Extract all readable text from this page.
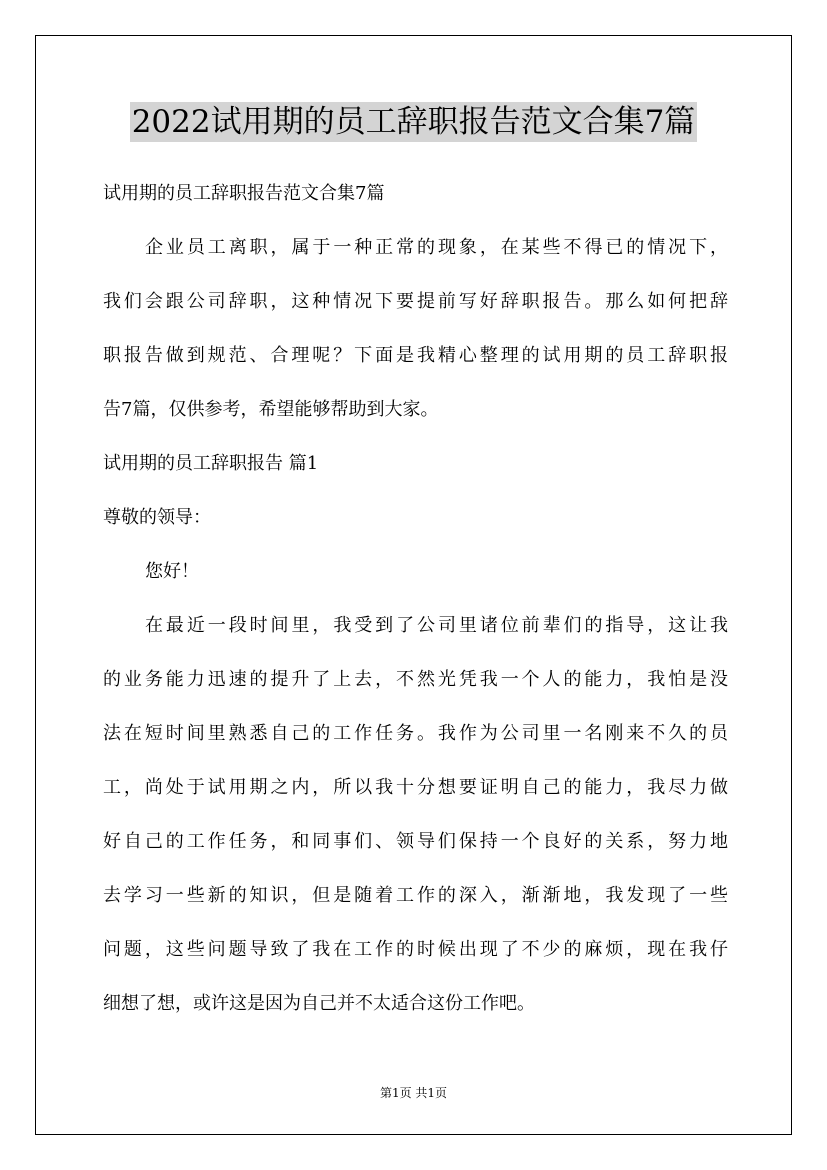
2022试用期的员工辞职报告范文合集7篇
试用期的员工辞职报告范文合集7篇
企业员工离职，属于一种正常的现象，在某些不得已的情况下，
我们会跟公司辞职，这种情况下要提前写好辞职报告。那么如何把辞
职报告做到规范、合理呢？下面是我精心整理的试用期的员工辞职报
告7篇，仅供参考，希望能够帮助到大家。
试用期的员工辞职报告 篇1
尊敬的领导：
您好！
在最近一段时间里，我受到了公司里诸位前辈们的指导，这让我
的业务能力迅速的提升了上去，不然光凭我一个人的能力，我怕是没
法在短时间里熟悉自己的工作任务。我作为公司里一名刚来不久的员
工，尚处于试用期之内，所以我十分想要证明自己的能力，我尽力做
好自己的工作任务，和同事们、领导们保持一个良好的关系，努力地
去学习一些新的知识，但是随着工作的深入，渐渐地，我发现了一些
问题，这些问题导致了我在工作的时候出现了不少的麻烦，现在我仔
细想了想，或许这是因为自己并不太适合这份工作吧。
第1页 共1页
